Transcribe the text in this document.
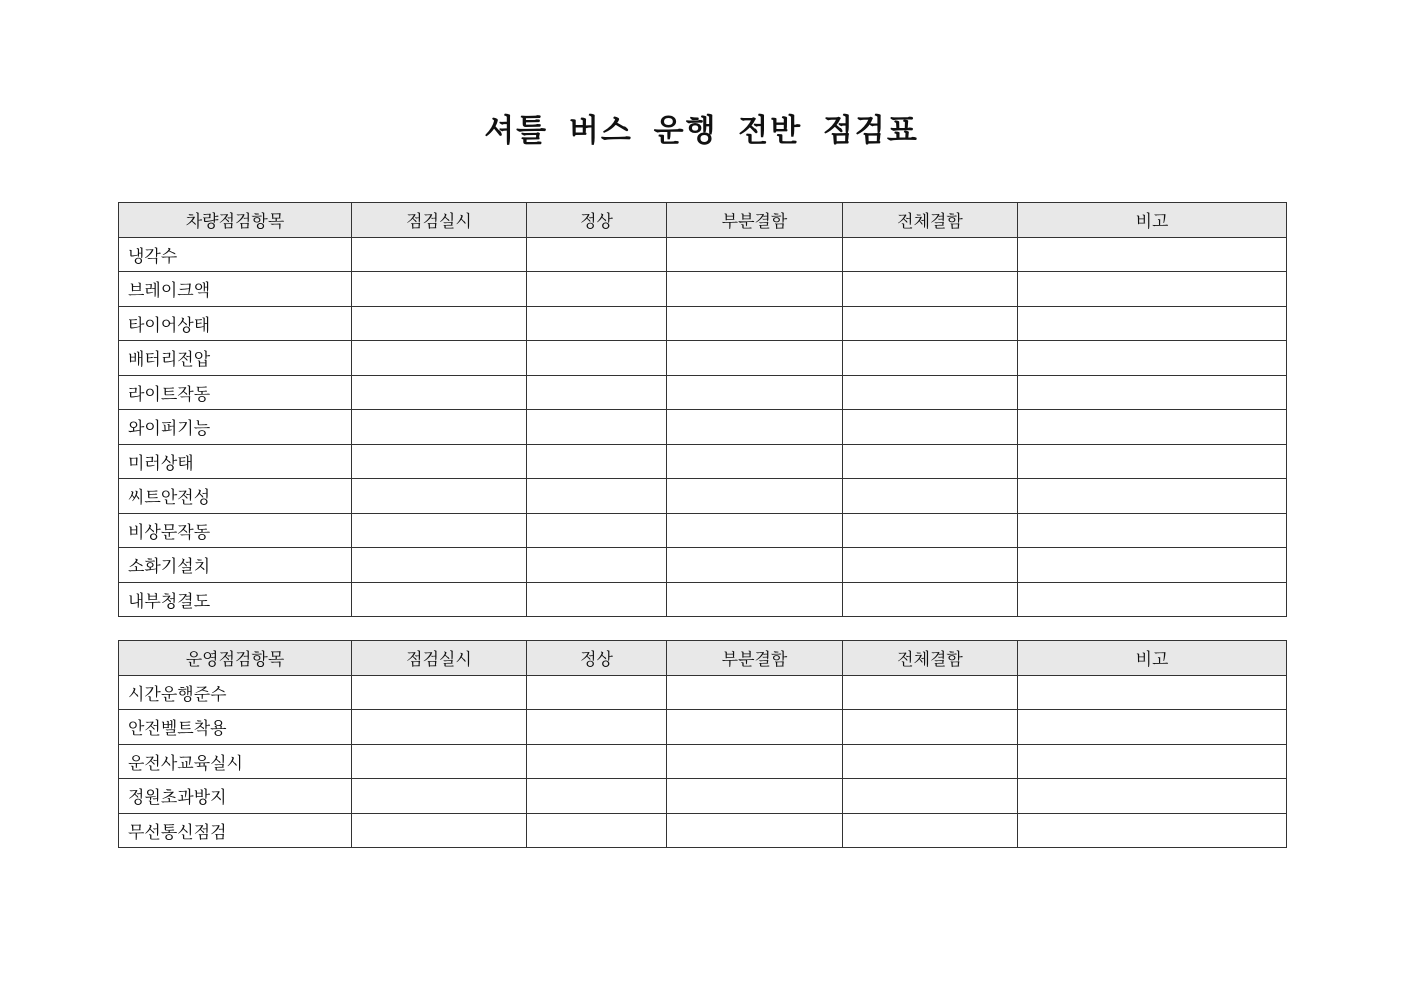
셔틀 버스 운행 전반 점검표
차량점검항목	점검실시	정상	부분결함	전체결함	비고
냉각수					
브레이크액					
타이어상태					
배터리전압					
라이트작동					
와이퍼기능					
미러상태					
씨트안전성					
비상문작동					
소화기설치					
내부청결도					
운영점검항목	점검실시	정상	부분결함	전체결함	비고
시간운행준수					
안전벨트착용					
운전사교육실시					
정원초과방지					
무선통신점검					
